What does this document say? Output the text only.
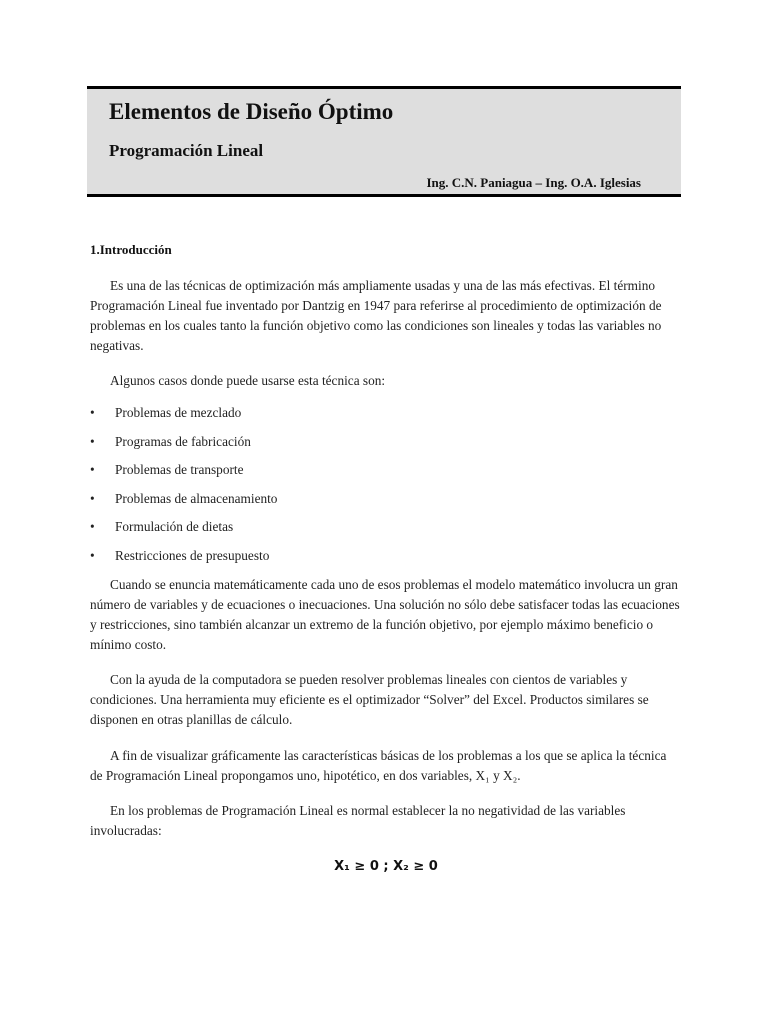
Elementos de Diseño Óptimo
Programación Lineal
Ing. C.N. Paniagua – Ing. O.A. Iglesias
1.Introducción

Es una de las técnicas de optimización más ampliamente usadas y una de las más efectivas. El término Programación Lineal fue inventado por Dantzig en 1947 para referirse al procedimiento de optimización de problemas en los cuales tanto la función objetivo como las condiciones son lineales y todas las variables no negativas.

Algunos casos donde puede usarse esta técnica son:

• Problemas de mezclado
• Programas de fabricación
• Problemas de transporte
• Problemas de almacenamiento
• Formulación de dietas
• Restricciones de presupuesto

Cuando se enuncia matemáticamente cada uno de esos problemas el modelo matemático involucra un gran número de variables y de ecuaciones o inecuaciones. Una solución no sólo debe satisfacer todas las ecuaciones y restricciones, sino también alcanzar un extremo de la función objetivo, por ejemplo máximo beneficio o mínimo costo.

Con la ayuda de la computadora se pueden resolver problemas lineales con cientos de variables y condiciones. Una herramienta muy eficiente es el optimizador “Solver” del Excel. Productos similares se disponen en otras planillas de cálculo.

A fin de visualizar gráficamente las características básicas de los problemas a los que se aplica la técnica de Programación Lineal propongamos uno, hipotético, en dos variables, X₁ y X₂.

En los problemas de Programación Lineal es normal establecer la no negatividad de las variables involucradas:

X₁ ≥ 0 ; X₂ ≥ 0
